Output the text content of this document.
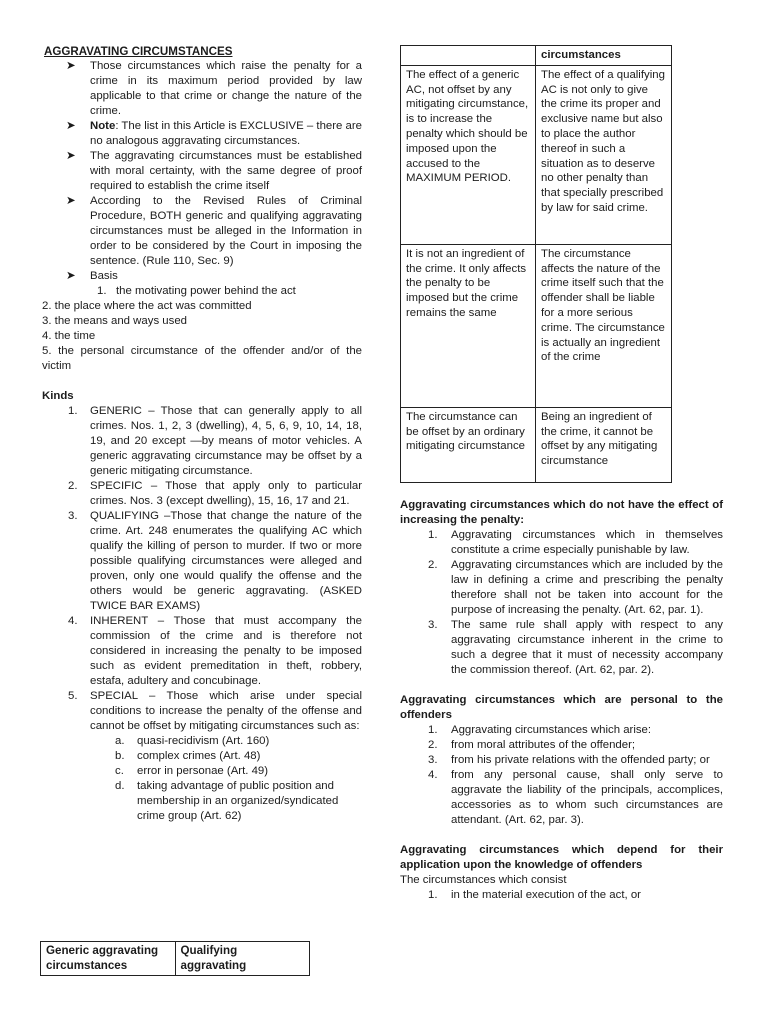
AGGRAVATING CIRCUMSTANCES
➤ Those circumstances which raise the penalty for a crime in its maximum period provided by law applicable to that crime or change the nature of the crime.
➤ Note: The list in this Article is EXCLUSIVE – there are no analogous aggravating circumstances.
➤ The aggravating circumstances must be established with moral certainty, with the same degree of proof required to establish the crime itself
➤ According to the Revised Rules of Criminal Procedure, BOTH generic and qualifying aggravating circumstances must be alleged in the Information in order to be considered by the Court in imposing the sentence. (Rule 110, Sec. 9)
➤ Basis
1. the motivating power behind the act

2. the place where the act was committed

3. the means and ways used

4. the time

5. the personal circumstance of the offender and/or of the victim

Kinds
1. GENERIC – Those that can generally apply to all crimes. Nos. 1, 2, 3 (dwelling), 4, 5, 6, 9, 10, 14, 18, 19, and 20 except —by means of motor vehicles. A generic aggravating circumstance may be offset by a generic mitigating circumstance.
2. SPECIFIC – Those that apply only to particular crimes. Nos. 3 (except dwelling), 15, 16, 17 and 21.
3. QUALIFYING –Those that change the nature of the crime. Art. 248 enumerates the qualifying AC which qualify the killing of person to murder. If two or more possible qualifying circumstances were alleged and proven, only one would qualify the offense and the others would be generic aggravating. (ASKED TWICE BAR EXAMS)
4. INHERENT – Those that must accompany the commission of the crime and is therefore not considered in increasing the penalty to be imposed such as evident premeditation in theft, robbery, estafa, adultery and concubinage.
5. SPECIAL – Those which arise under special conditions to increase the penalty of the offense and cannot be offset by mitigating circumstances such as:
a. quasi-recidivism (Art. 160)
b. complex crimes (Art. 48)
c. error in personae (Art. 49)
d. taking advantage of public position and membership in an organized/syndicated crime group (Art. 62)
Generic aggravating circumstances	Qualifying aggravating
	circumstances
The effect of a generic AC, not offset by any mitigating circumstance, is to increase the penalty which should be imposed upon the accused to the MAXIMUM PERIOD.	The effect of a qualifying AC is not only to give the crime its proper and exclusive name but also to place the author thereof in such a situation as to deserve no other penalty than that specially prescribed by law for said crime.
It is not an ingredient of the crime. It only affects the penalty to be imposed but the crime remains the same	The circumstance affects the nature of the crime itself such that the offender shall be liable for a more serious crime. The circumstance is actually an ingredient of the crime
The circumstance can be offset by an ordinary mitigating circumstance	Being an ingredient of the crime, it cannot be offset by any mitigating circumstance

Aggravating circumstances which do not have the effect of increasing the penalty:

1. Aggravating circumstances which in themselves constitute a crime especially punishable by law.
2. Aggravating circumstances which are included by the law in defining a crime and prescribing the penalty therefore shall not be taken into account for the purpose of increasing the penalty. (Art. 62, par. 1).
3. The same rule shall apply with respect to any aggravating circumstance inherent in the crime to such a degree that it must of necessity accompany the commission thereof. (Art. 62, par. 2).

Aggravating circumstances which are personal to the offenders

1. Aggravating circumstances which arise:
2. from moral attributes of the offender;
3. from his private relations with the offended party; or
4. from any personal cause, shall only serve to aggravate the liability of the principals, accomplices, accessories as to whom such circumstances are attendant. (Art. 62, par. 3).

Aggravating circumstances which depend for their application upon the knowledge of offenders

The circumstances which consist

1. in the material execution of the act, or
